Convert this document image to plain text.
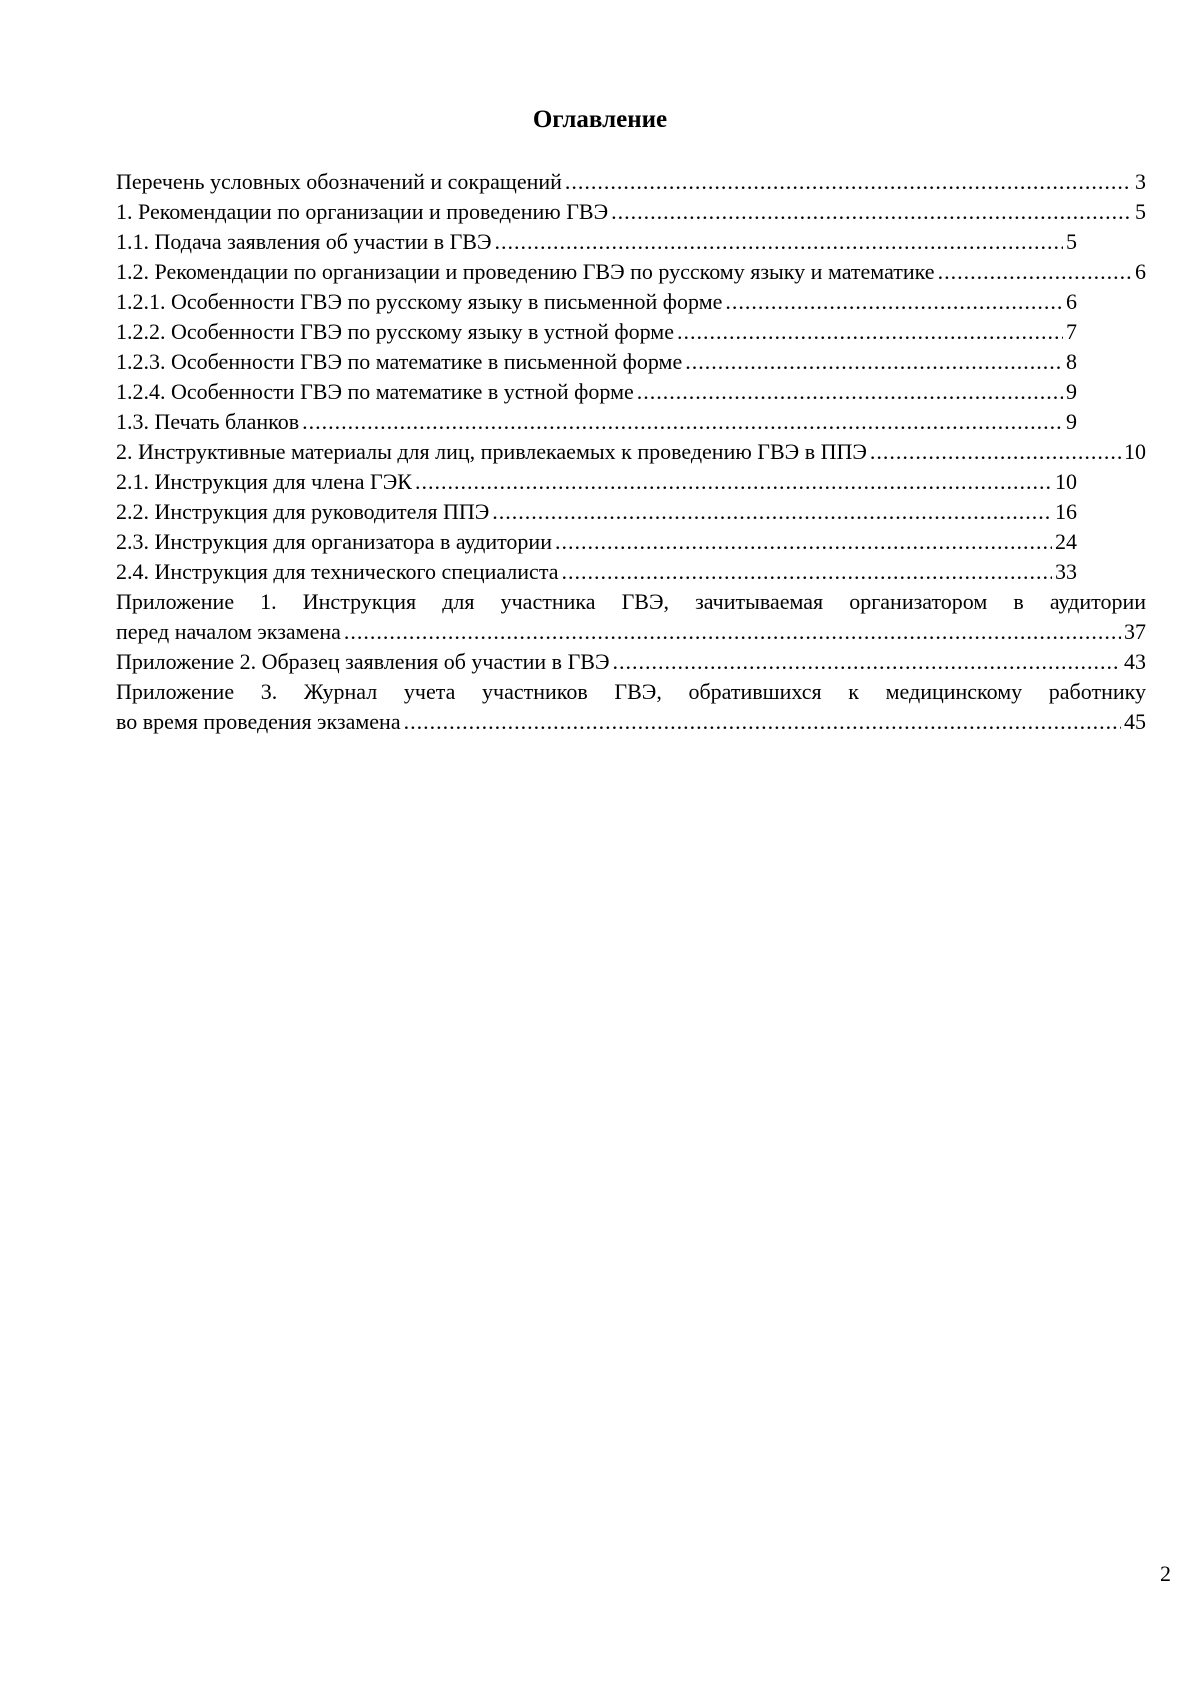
Оглавление
Перечень условных обозначений и сокращений .....	3
1. Рекомендации по организации и проведению ГВЭ .....	5
1.1. Подача заявления об участии в ГВЭ .....	5
1.2. Рекомендации по организации и проведению ГВЭ по русскому языку и математике .....	6
1.2.1. Особенности ГВЭ по русскому языку в письменной форме .....	6
1.2.2. Особенности ГВЭ по русскому языку в устной форме .....	7
1.2.3. Особенности ГВЭ по математике в письменной форме .....	8
1.2.4. Особенности ГВЭ по математике в устной форме .....	9
1.3. Печать бланков .....	9
2. Инструктивные материалы для лиц, привлекаемых к проведению ГВЭ в ППЭ .....	10
2.1. Инструкция для члена ГЭК .....	10
2.2. Инструкция для руководителя ППЭ .....	16
2.3. Инструкция для организатора в аудитории .....	24
2.4. Инструкция для технического специалиста .....	33
Приложение 1. Инструкция для участника ГВЭ, зачитываемая организатором в аудитории
перед началом экзамена .....	37
Приложение 2. Образец заявления об участии в ГВЭ .....	43
Приложение 3. Журнал учета участников ГВЭ, обратившихся к медицинскому работнику
во время проведения экзамена .....	45
2
